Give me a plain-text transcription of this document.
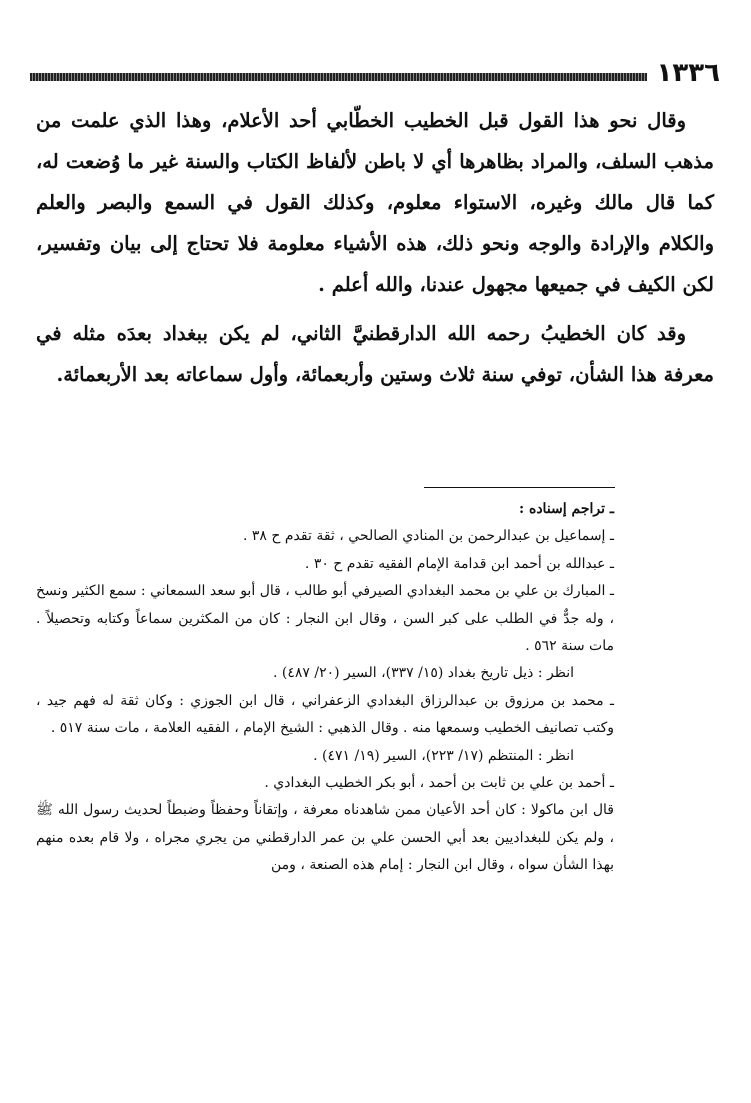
١٣٣٦

وقال نحو هذا القول قبل الخطيب الخطّابي أحد الأعلام، وهذا الذي علمت من مذهب السلف، والمراد بظاهرها أي لا باطن لألفاظ الكتاب والسنة غير ما وُضعت له، كما قال مالك وغيره، الاستواء معلوم، وكذلك القول في السمع والبصر والعلم والكلام والإرادة والوجه ونحو ذلك، هذه الأشياء معلومة فلا تحتاج إلى بيان وتفسير، لكن الكيف في جميعها مجهول عندنا، والله أعلم .

وقد كان الخطيبُ رحمه الله الدارقطنيَّ الثاني، لم يكن ببغداد بعدَه مثله في معرفة هذا الشأن، توفي سنة ثلاث وستين وأربعمائة، وأول سماعاته بعد الأربعمائة.

ـ تراجم إسناده :

ـ إسماعيل بن عبدالرحمن بن المنادي الصالحي ، ثقة تقدم ح ٣٨ .

ـ عبدالله بن أحمد ابن قدامة الإمام الفقيه تقدم ح ٣٠ .

ـ المبارك بن علي بن محمد البغدادي الصيرفي أبو طالب ، قال أبو سعد السمعاني : سمع الكثير ونسخ ، وله جدٌّ في الطلب على كبر السن ، وقال ابن النجار : كان من المكثرين سماعاً وكتابه وتحصيلاً . مات سنة ٥٦٢ .

انظر : ذيل تاريخ بغداد (١٥/ ٣٣٧)، السير (٢٠/ ٤٨٧) .

ـ محمد بن مرزوق بن عبدالرزاق البغدادي الزعفراني ، قال ابن الجوزي : وكان ثقة له فهم جيد ، وكتب تصانيف الخطيب وسمعها منه . وقال الذهبي : الشيخ الإمام ، الفقيه العلامة ، مات سنة ٥١٧ .

انظر : المنتظم (١٧/ ٢٢٣)، السير (١٩/ ٤٧١) .

ـ أحمد بن علي بن ثابت بن أحمد ، أبو بكر الخطيب البغدادي .

قال ابن ماكولا : كان أحد الأعيان ممن شاهدناه معرفة ، وإتقاناً وحفظاً وضبطاً لحديث رسول الله ﷺ ، ولم يكن للبغداديين بعد أبي الحسن علي بن عمر الدارقطني من يجري مجراه ، ولا قام بعده منهم بهذا الشأن سواه ، وقال ابن النجار : إمام هذه الصنعة ، ومن
